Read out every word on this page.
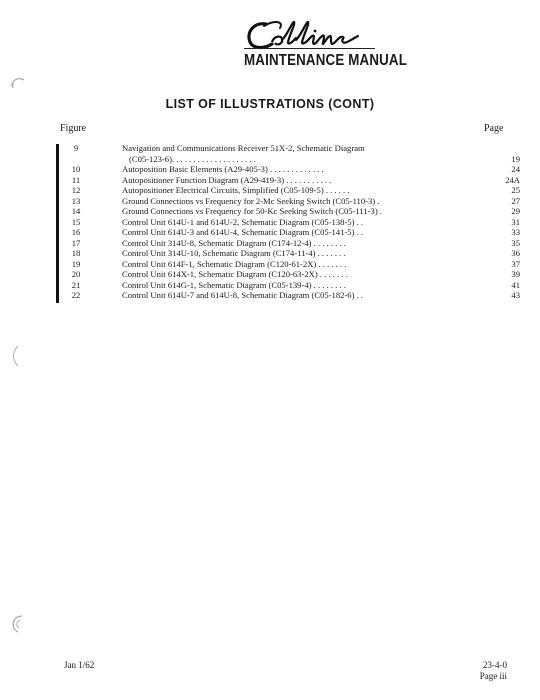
MAINTENANCE MANUAL
LIST OF ILLUSTRATIONS (CONT)
Figure	Page
9	Navigation and Communications Receiver 51X-2, Schematic Diagram
(C05-123-6). . . . . . . . . . . . . . . . . . . .	19
10	Autoposition Basic Elements (A29-405-3) . . . . . . . . . . . . .	24
11	Autopositioner Function Diagram (A29-419-3) . . . . . . . . . . .	24A
12	Autopositioner Electrical Circuits, Simplified (C05-109-5) . . . . . .	25
13	Ground Connections vs Frequency for 2-Mc Seeking Switch (C05-110-3) .	27
14	Ground Connections vs Frequency for 50-Kc Seeking Switch (C05-111-3) .	29
15	Control Unit 614U-1 and 614U-2, Schematic Diagram (C05-138-5) . .	31
16	Control Unit 614U-3 and 614U-4, Schematic Diagram (C05-141-5) . .	33
17	Control Unit 314U-8, Schematic Diagram (C174-12-4) . . . . . . . .	35
18	Control Unit 314U-10, Schematic Diagram (C174-11-4) . . . . . . .	36
19	Control Unit 614F-1, Schematic Diagram (C120-61-2X) . . . . . . .	37
20	Control Unit 614X-1, Schematic Diagram (C120-63-2X) . . . . . . .	39
21	Control Unit 614G-1, Schematic Diagram (C05-139-4) . . . . . . . .	41
22	Control Unit 614U-7 and 614U-8, Schematic Diagram (C05-182-6) . .	43
Jan 1/62	23-4-0
Page iii
